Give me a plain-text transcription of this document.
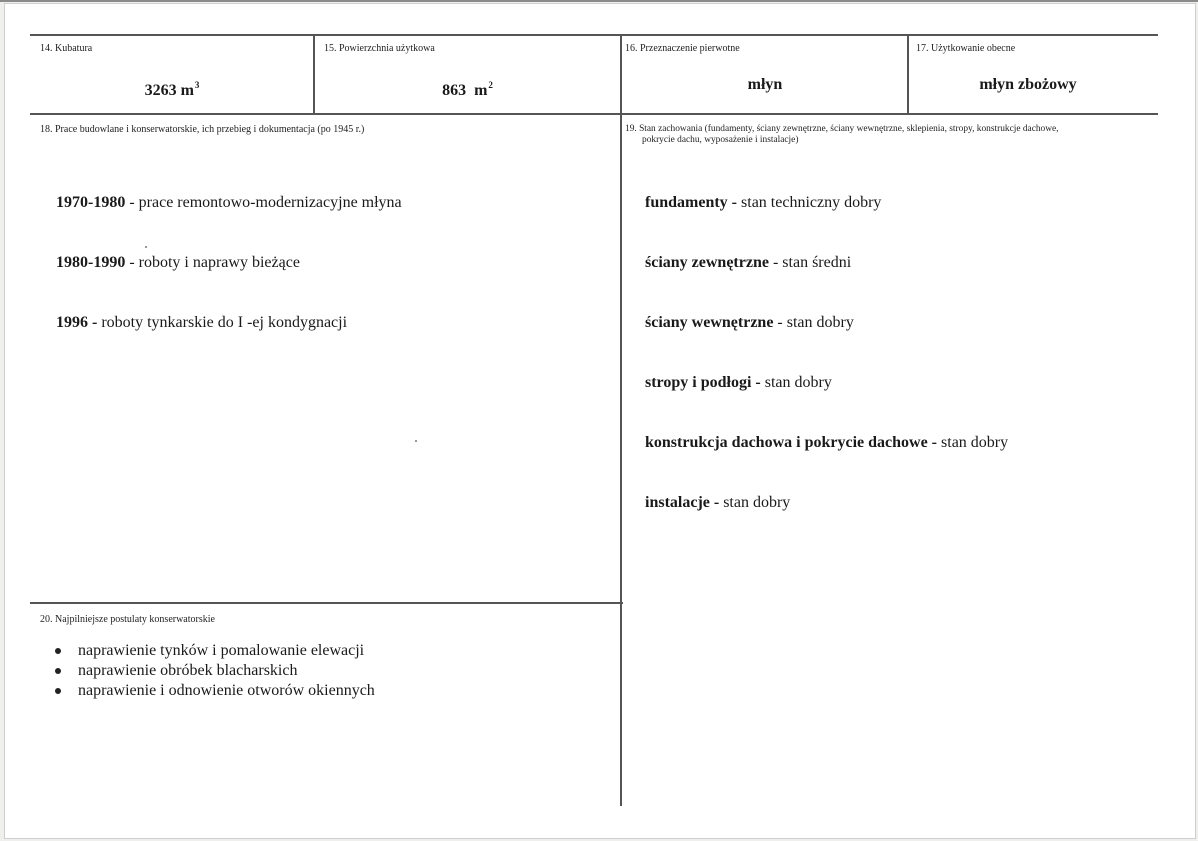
14. Kubatura
3263 $m^3$
15. Powierzchnia użytkowa
863  $m^2$
16. Przeznaczenie pierwotne
młyn
17. Użytkowanie obecne
młyn zbożowy
18. Prace budowlane i konserwatorskie, ich przebieg i dokumentacja (po 1945 r.)

1970-1980 - prace remontowo-modernizacyjne młyna

1980-1990 - roboty i naprawy bieżące

1996 - roboty tynkarskie do I -ej kondygnacji

19. Stan zachowania (fundamenty, ściany zewnętrzne, ściany wewnętrzne, sklepienia, stropy, konstrukcje dachowe,
pokrycie dachu, wyposażenie i instalacje)

fundamenty - stan techniczny dobry

ściany zewnętrzne - stan średni

ściany wewnętrzne - stan dobry

stropy i podłogi - stan dobry

konstrukcja dachowa i pokrycie dachowe - stan dobry

instalacje - stan dobry

20. Najpilniejsze postulaty konserwatorskie
naprawienie tynków i pomalowanie elewacji
naprawienie obróbek blacharskich
naprawienie i odnowienie otworów okiennych
